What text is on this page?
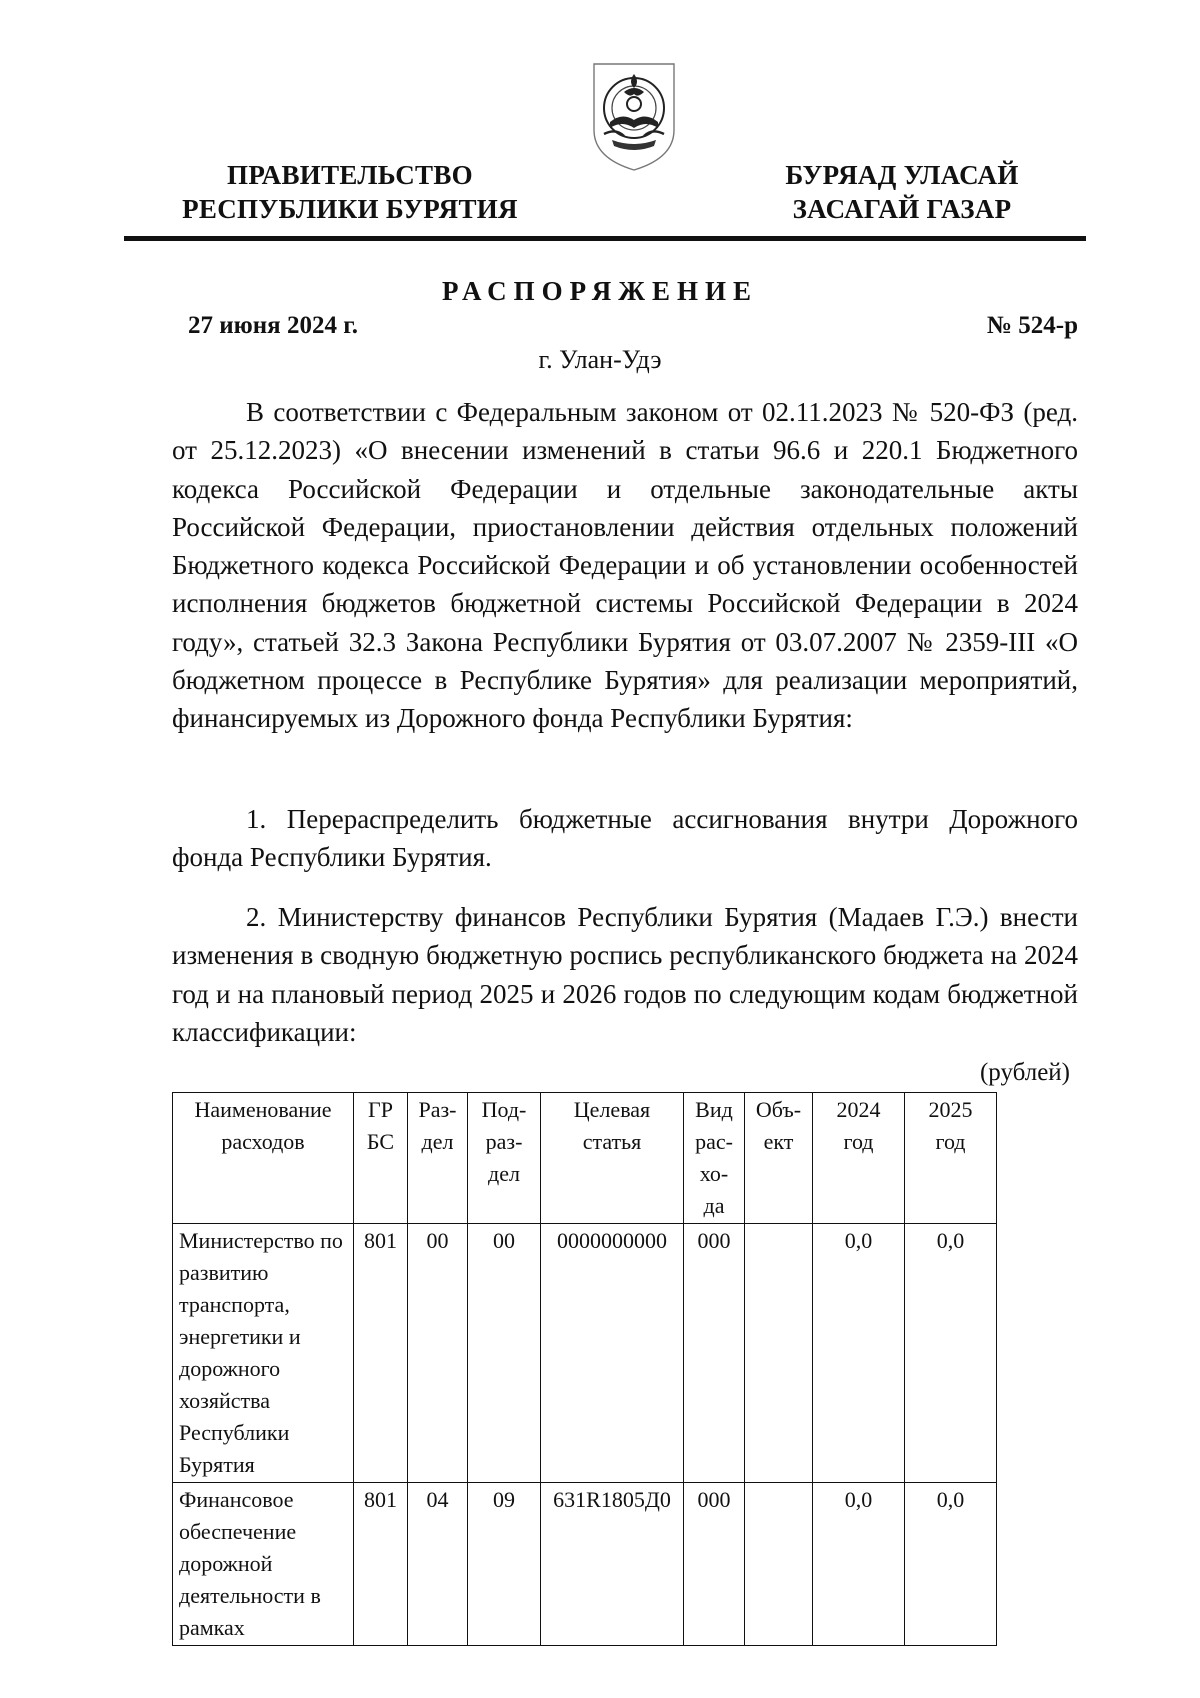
ПРАВИТЕЛЬСТВО
РЕСПУБЛИКИ БУРЯТИЯ
БУРЯАД УЛАСАЙ
ЗАСАГАЙ ГАЗАР
РАСПОРЯЖЕНИЕ
27 июня 2024 г.	№ 524-р
г. Улан-Удэ

В соответствии с Федеральным законом от 02.11.2023 № 520-ФЗ (ред. от 25.12.2023) «О внесении изменений в статьи 96.6 и 220.1 Бюджетного кодекса Российской Федерации и отдельные законодательные акты Российской Федерации, приостановлении действия отдельных положений Бюджетного кодекса Российской Федерации и об установлении особенностей исполнения бюджетов бюджетной системы Российской Федерации в 2024 году», статьей 32.3 Закона Республики Бурятия от 03.07.2007 № 2359-III «О бюджетном процессе в Республике Бурятия» для реализации мероприятий, финансируемых из Дорожного фонда Республики Бурятия:

1. Перераспределить бюджетные ассигнования внутри Дорожного фонда Республики Бурятия.

2. Министерству финансов Республики Бурятия (Мадаев Г.Э.) внести изменения в сводную бюджетную роспись республиканского бюджета на 2024 год и на плановый период 2025 и 2026 годов по следующим кодам бюджетной классификации:

(рублей)
Наименование расходов	ГР БС	Раз-дел	Под-раз-дел	Целевая статья	Вид рас-хо-да	Объ-ект	2024 год	2025 год
Министерство по развитию транспорта, энергетики и дорожного хозяйства Республики Бурятия	801	00	00	0000000000	000		0,0	0,0
Финансовое обеспечение дорожной деятельности в рамках	801	04	09	631R1805Д0	000		0,0	0,0
